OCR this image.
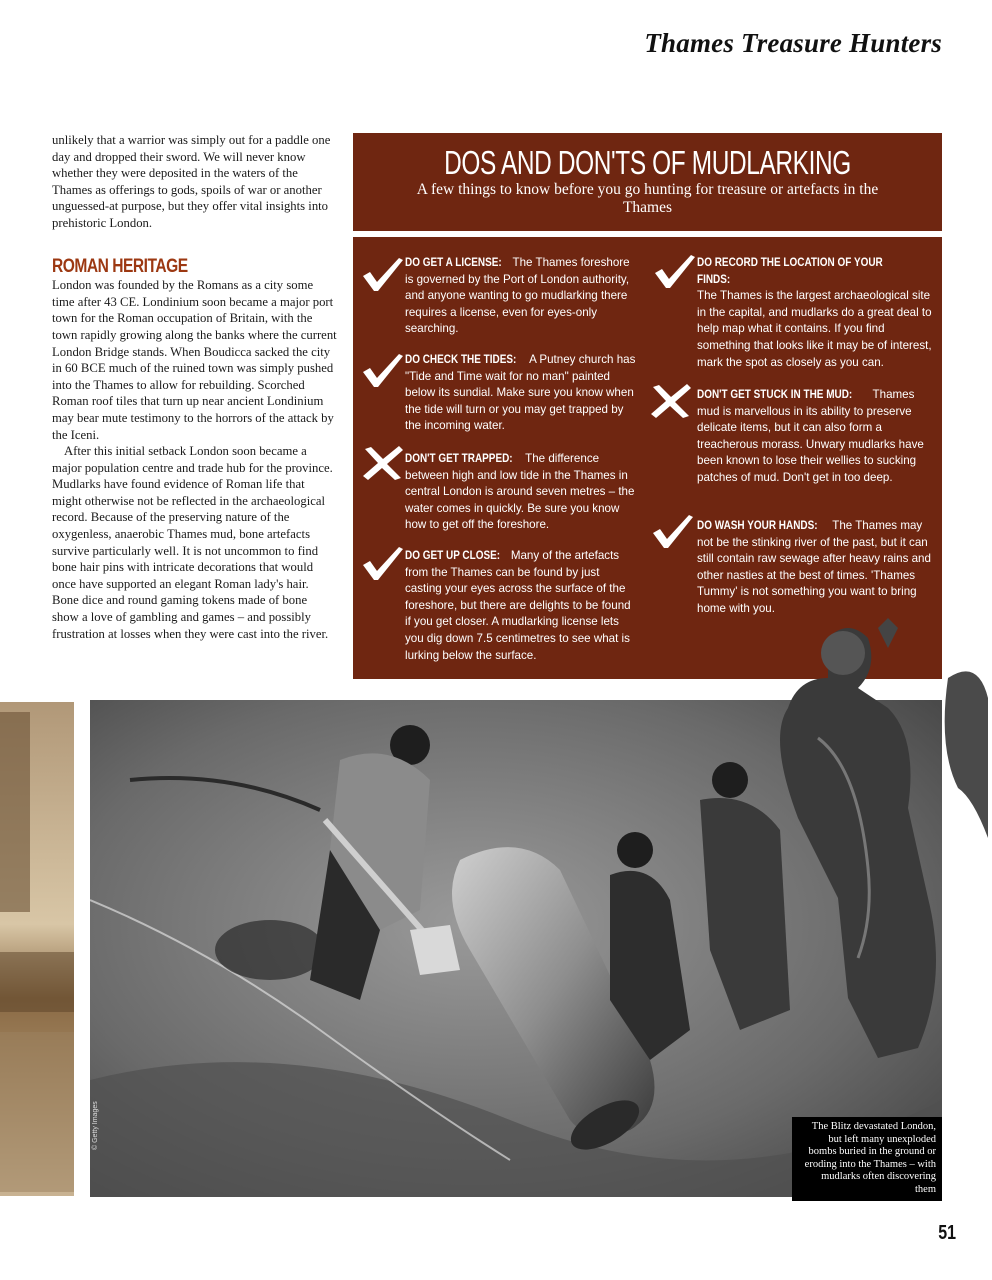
Thames Treasure Hunters

unlikely that a warrior was simply out for a paddle one day and dropped their sword. We will never know whether they were deposited in the waters of the Thames as offerings to gods, spoils of war or another unguessed-at purpose, but they offer vital insights into prehistoric London.

ROMAN HERITAGE

London was founded by the Romans as a city some time after 43 CE. Londinium soon became a major port town for the Roman occupation of Britain, with the town rapidly growing along the banks where the current London Bridge stands. When Boudicca sacked the city in 60 BCE much of the ruined town was simply pushed into the Thames to allow for rebuilding. Scorched Roman roof tiles that turn up near ancient Londinium may bear mute testimony to the horrors of the attack by the Iceni.

After this initial setback London soon became a major population centre and trade hub for the province. Mudlarks have found evidence of Roman life that might otherwise not be reflected in the archaeological record. Because of the preserving nature of the oxygenless, anaerobic Thames mud, bone artefacts survive particularly well. It is not uncommon to find bone hair pins with intricate decorations that would once have supported an elegant Roman lady's hair. Bone dice and round gaming tokens made of bone show a love of gambling and games – and possibly frustration at losses when they were cast into the river.

DOS AND DON'TS OF MUDLARKING
A few things to know before you go hunting for treasure or artefacts in the Thames
DO GET A LICENSE: The Thames foreshore is governed by the Port of London authority, and anyone wanting to go mudlarking there requires a license, even for eyes-only searching.
DO CHECK THE TIDES: A Putney church has "Tide and Time wait for no man" painted below its sundial. Make sure you know when the tide will turn or you may get trapped by the incoming water.
DON'T GET TRAPPED: The difference between high and low tide in the Thames in central London is around seven metres – the water comes in quickly. Be sure you know how to get off the foreshore.
DO GET UP CLOSE: Many of the artefacts from the Thames can be found by just casting your eyes across the surface of the foreshore, but there are delights to be found if you get closer. A mudlarking license lets you dig down 7.5 centimetres to see what is lurking below the surface.
DO RECORD THE LOCATION OF YOUR FINDS: The Thames is the largest archaeological site in the capital, and mudlarks do a great deal to help map what it contains. If you find something that looks like it may be of interest, mark the spot as closely as you can.
DON'T GET STUCK IN THE MUD: Thames mud is marvellous in its ability to preserve delicate items, but it can also form a treacherous morass. Unwary mudlarks have been known to lose their wellies to sucking patches of mud. Don't get in too deep.
DO WASH YOUR HANDS: The Thames may not be the stinking river of the past, but it can still contain raw sewage after heavy rains and other nasties at the best of times. 'Thames Tummy' is not something you want to bring home with you.
© Getty Images	The Blitz devastated London, but left many unexploded bombs buried in the ground or eroding into the Thames – with mudlarks often discovering them
51
